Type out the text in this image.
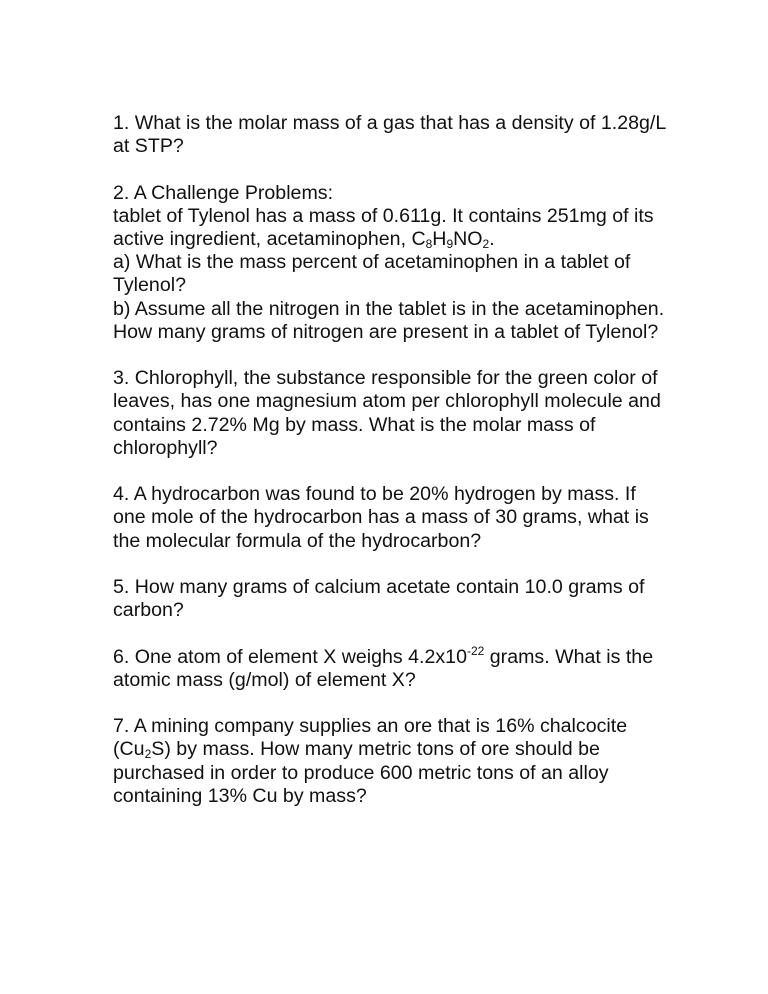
1. What is the molar mass of a gas that has a density of 1.28g/L at STP?

2. A Challenge Problems:

tablet of Tylenol has a mass of 0.611g. It contains 251mg of its active ingredient, acetaminophen, $C_8H_9NO_2$.

a) What is the mass percent of acetaminophen in a tablet of Tylenol?

b) Assume all the nitrogen in the tablet is in the acetaminophen. How many grams of nitrogen are present in a tablet of Tylenol?

3. Chlorophyll, the substance responsible for the green color of leaves, has one magnesium atom per chlorophyll molecule and contains 2.72% Mg by mass. What is the molar mass of chlorophyll?

4. A hydrocarbon was found to be 20% hydrogen by mass. If one mole of the hydrocarbon has a mass of 30 grams, what is the molecular formula of the hydrocarbon?

5. How many grams of calcium acetate contain 10.0 grams of carbon?

6. One atom of element X weighs $4.2x10^{-22}$ grams. What is the atomic mass (g/mol) of element X?

7. A mining company supplies an ore that is 16% chalcocite $(Cu_2S)$ by mass. How many metric tons of ore should be purchased in order to produce 600 metric tons of an alloy containing 13% Cu by mass?
